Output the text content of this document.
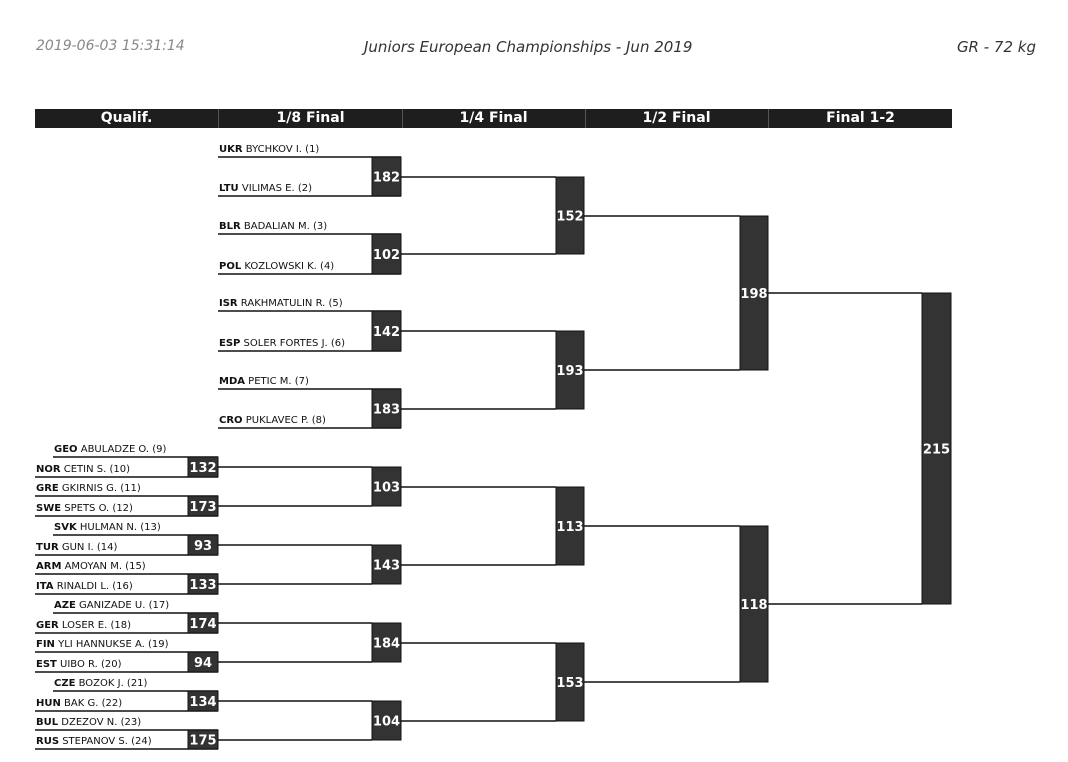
2019-06-03 15:31:14	Juniors European Championships - Jun 2019	GR - 72 kg
Qualif.	1/8 Final	1/4 Final	1/2 Final	Final 1-2
UKR BYCHKOV I. (1)
LTU VILIMAS E. (2)
BLR BADALIAN M. (3)
POL KOZLOWSKI K. (4)
ISR RAKHMATULIN R. (5)
ESP SOLER FORTES J. (6)
MDA PETIC M. (7)
CRO PUKLAVEC P. (8)
GEO ABULADZE O. (9)
NOR CETIN S. (10)
GRE GKIRNIS G. (11)
SWE SPETS O. (12)
SVK HULMAN N. (13)
TUR GUN I. (14)
ARM AMOYAN M. (15)
ITA RINALDI L. (16)
AZE GANIZADE U. (17)
GER LOSER E. (18)
FIN YLI HANNUKSE A. (19)
EST UIBO R. (20)
CZE BOZOK J. (21)
HUN BAK G. (22)
BUL DZEZOV N. (23)
RUS STEPANOV S. (24)
132
173
93
133
174
94
134
175
182
102
142
183
103
143
184
104
152
193
113
153
198
118
215
